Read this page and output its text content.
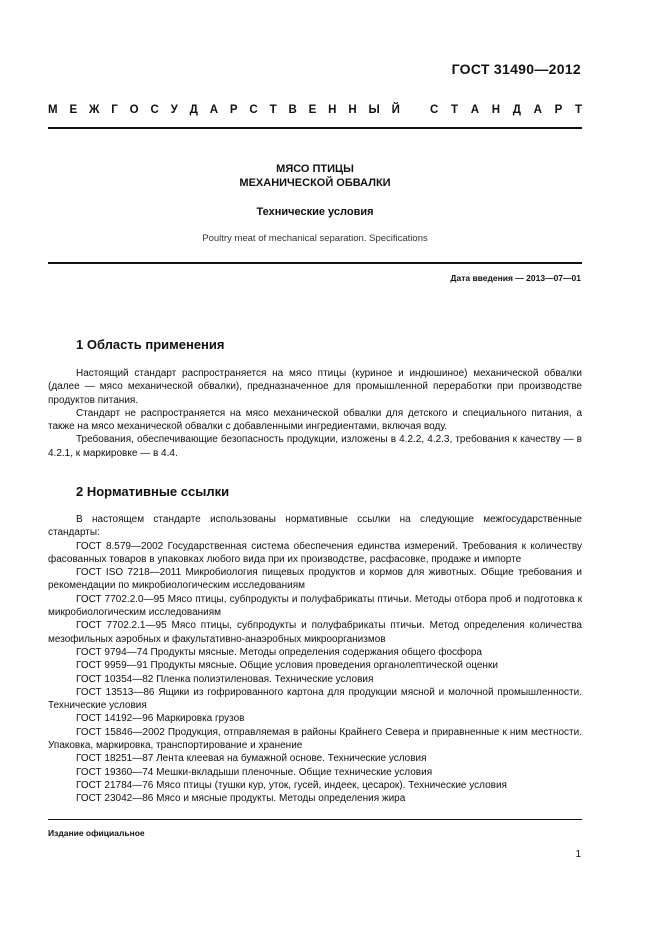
ГОСТ 31490—2012
М Е Ж Г О С У Д А Р С Т В Е Н Н Ы Й	С Т А Н Д А Р Т
МЯСО ПТИЦЫ
МЕХАНИЧЕСКОЙ ОБВАЛКИ
Технические условия
Poultry meat of mechanical separation. Specifications
Дата введения — 2013—07—01
1 Область применения

Настоящий стандарт распространяется на мясо птицы (куриное и индюшиное) механической обвалки (далее — мясо механической обвалки), предназначенное для промышленной переработки при производстве продуктов питания.

Стандарт не распространяется на мясо механической обвалки для детского и специального питания, а также на мясо механической обвалки с добавленными ингредиентами, включая воду.

Требования, обеспечивающие безопасность продукции, изложены в 4.2.2, 4.2.3, требования к качеству — в 4.2.1, к маркировке — в 4.4.

2 Нормативные ссылки

В настоящем стандарте использованы нормативные ссылки на следующие межгосударственные стандарты:

ГОСТ 8.579—2002 Государственная система обеспечения единства измерений. Требования к количеству фасованных товаров в упаковках любого вида при их производстве, расфасовке, продаже и импорте

ГОСТ ISO 7218—2011 Микробиология пищевых продуктов и кормов для животных. Общие требования и рекомендации по микробиологическим исследованиям

ГОСТ 7702.2.0—95 Мясо птицы, субпродукты и полуфабрикаты птичьи. Методы отбора проб и подготовка к микробиологическим исследованиям

ГОСТ 7702.2.1—95 Мясо птицы, субпродукты и полуфабрикаты птичьи. Метод определения количества мезофильных аэробных и факультативно-анаэробных микроорганизмов

ГОСТ 9794—74 Продукты мясные. Методы определения содержания общего фосфора

ГОСТ 9959—91 Продукты мясные. Общие условия проведения органолептической оценки

ГОСТ 10354—82 Пленка полиэтиленовая. Технические условия

ГОСТ 13513—86 Ящики из гофрированного картона для продукции мясной и молочной промышленности. Технические условия

ГОСТ 14192—96 Маркировка грузов

ГОСТ 15846—2002 Продукция, отправляемая в районы Крайнего Севера и приравненные к ним местности. Упаковка, маркировка, транспортирование и хранение

ГОСТ 18251—87 Лента клеевая на бумажной основе. Технические условия

ГОСТ 19360—74 Мешки-вкладыши пленочные. Общие технические условия

ГОСТ 21784—76 Мясо птицы (тушки кур, уток, гусей, индеек, цесарок). Технические условия

ГОСТ 23042—86 Мясо и мясные продукты. Методы определения жира

Издание официальное
1
